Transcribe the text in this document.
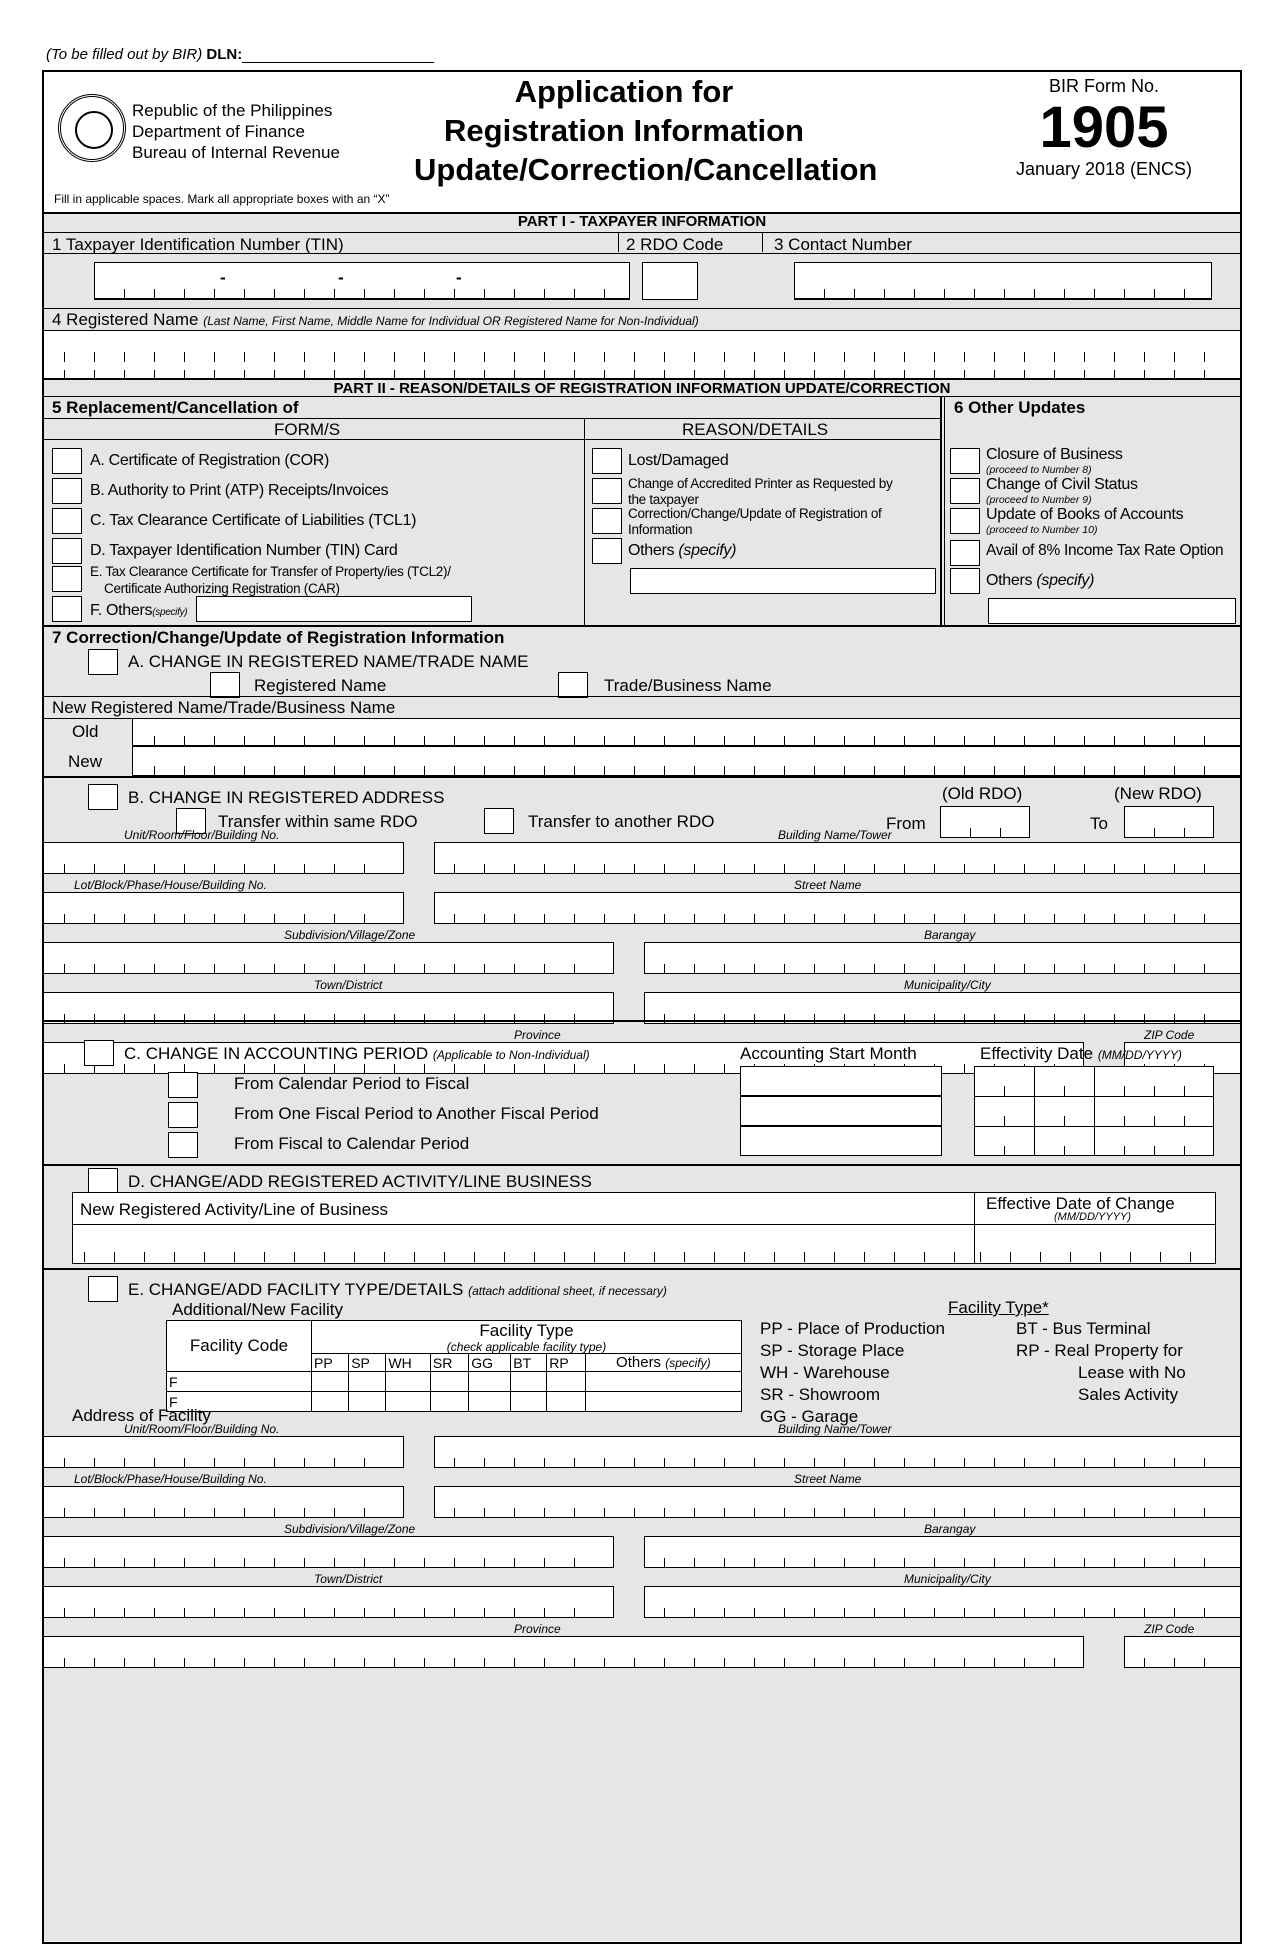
(To be filled out by BIR) DLN:
Republic of the Philippines
Department of Finance
Bureau of Internal Revenue
Application for
Registration Information
Update/Correction/Cancellation
BIR Form No.
1905
January 2018 (ENCS)
Fill in applicable spaces. Mark all appropriate boxes with an “X”
PART I - TAXPAYER INFORMATION
1 Taxpayer Identification Number (TIN)	2 RDO Code	3 Contact Number
-	-	-
4 Registered Name (Last Name, First Name, Middle Name for Individual OR Registered Name for Non-Individual)
PART II - REASON/DETAILS OF REGISTRATION INFORMATION UPDATE/CORRECTION
5 Replacement/Cancellation of	6 Other Updates
FORM/S	REASON/DETAILS
A. Certificate of Registration (COR)
B. Authority to Print (ATP) Receipts/Invoices
C. Tax Clearance Certificate of Liabilities (TCL1)
D. Taxpayer Identification Number (TIN) Card
E. Tax Clearance Certificate for Transfer of Property/ies (TCL2)/
Certificate Authorizing Registration (CAR)
F. Others(specify)
Lost/Damaged
Change of Accredited Printer as Requested by
the taxpayer
Correction/Change/Update of Registration of
Information
Others (specify)
Closure of Business
(proceed to Number 8)
Change of Civil Status
(proceed to Number 9)
Update of Books of Accounts
(proceed to Number 10)
Avail of 8% Income Tax Rate Option
Others (specify)
7 Correction/Change/Update of Registration Information
A. CHANGE IN REGISTERED NAME/TRADE NAME
Registered Name	Trade/Business Name
New Registered Name/Trade/Business Name
Old
New
B. CHANGE IN REGISTERED ADDRESS	(Old RDO)	(New RDO)
Transfer within same RDO	Transfer to another RDO	From	To
Unit/Room/Floor/Building No.	Building Name/Tower
Lot/Block/Phase/House/Building No.	Street Name
Subdivision/Village/Zone	Barangay
Town/District	Municipality/City
Province	ZIP Code
C. CHANGE IN ACCOUNTING PERIOD (Applicable to Non-Individual)	Accounting Start Month	Effectivity Date (MM/DD/YYYY)
From Calendar Period to Fiscal
From One Fiscal Period to Another Fiscal Period
From Fiscal to Calendar Period
D. CHANGE/ADD REGISTERED ACTIVITY/LINE BUSINESS
New Registered Activity/Line of Business	Effective Date of Change
(MM/DD/YYYY)
E. CHANGE/ADD FACILITY TYPE/DETAILS (attach additional sheet, if necessary)
Additional/New Facility
Facility Code	Facility Type
(check applicable facility type)							

	PP	SP	WH	SR	GG	BT	RP	Others (specify)
F								
F								
Facility Type*
PP - Place of Production
SP - Storage Place
WH - Warehouse
SR - Showroom
GG - Garage
BT - Bus Terminal
RP - Real Property for
Lease with No
Sales Activity
Address of Facility
Unit/Room/Floor/Building No.	Building Name/Tower
Lot/Block/Phase/House/Building No.	Street Name
Subdivision/Village/Zone	Barangay
Town/District	Municipality/City
Province	ZIP Code
